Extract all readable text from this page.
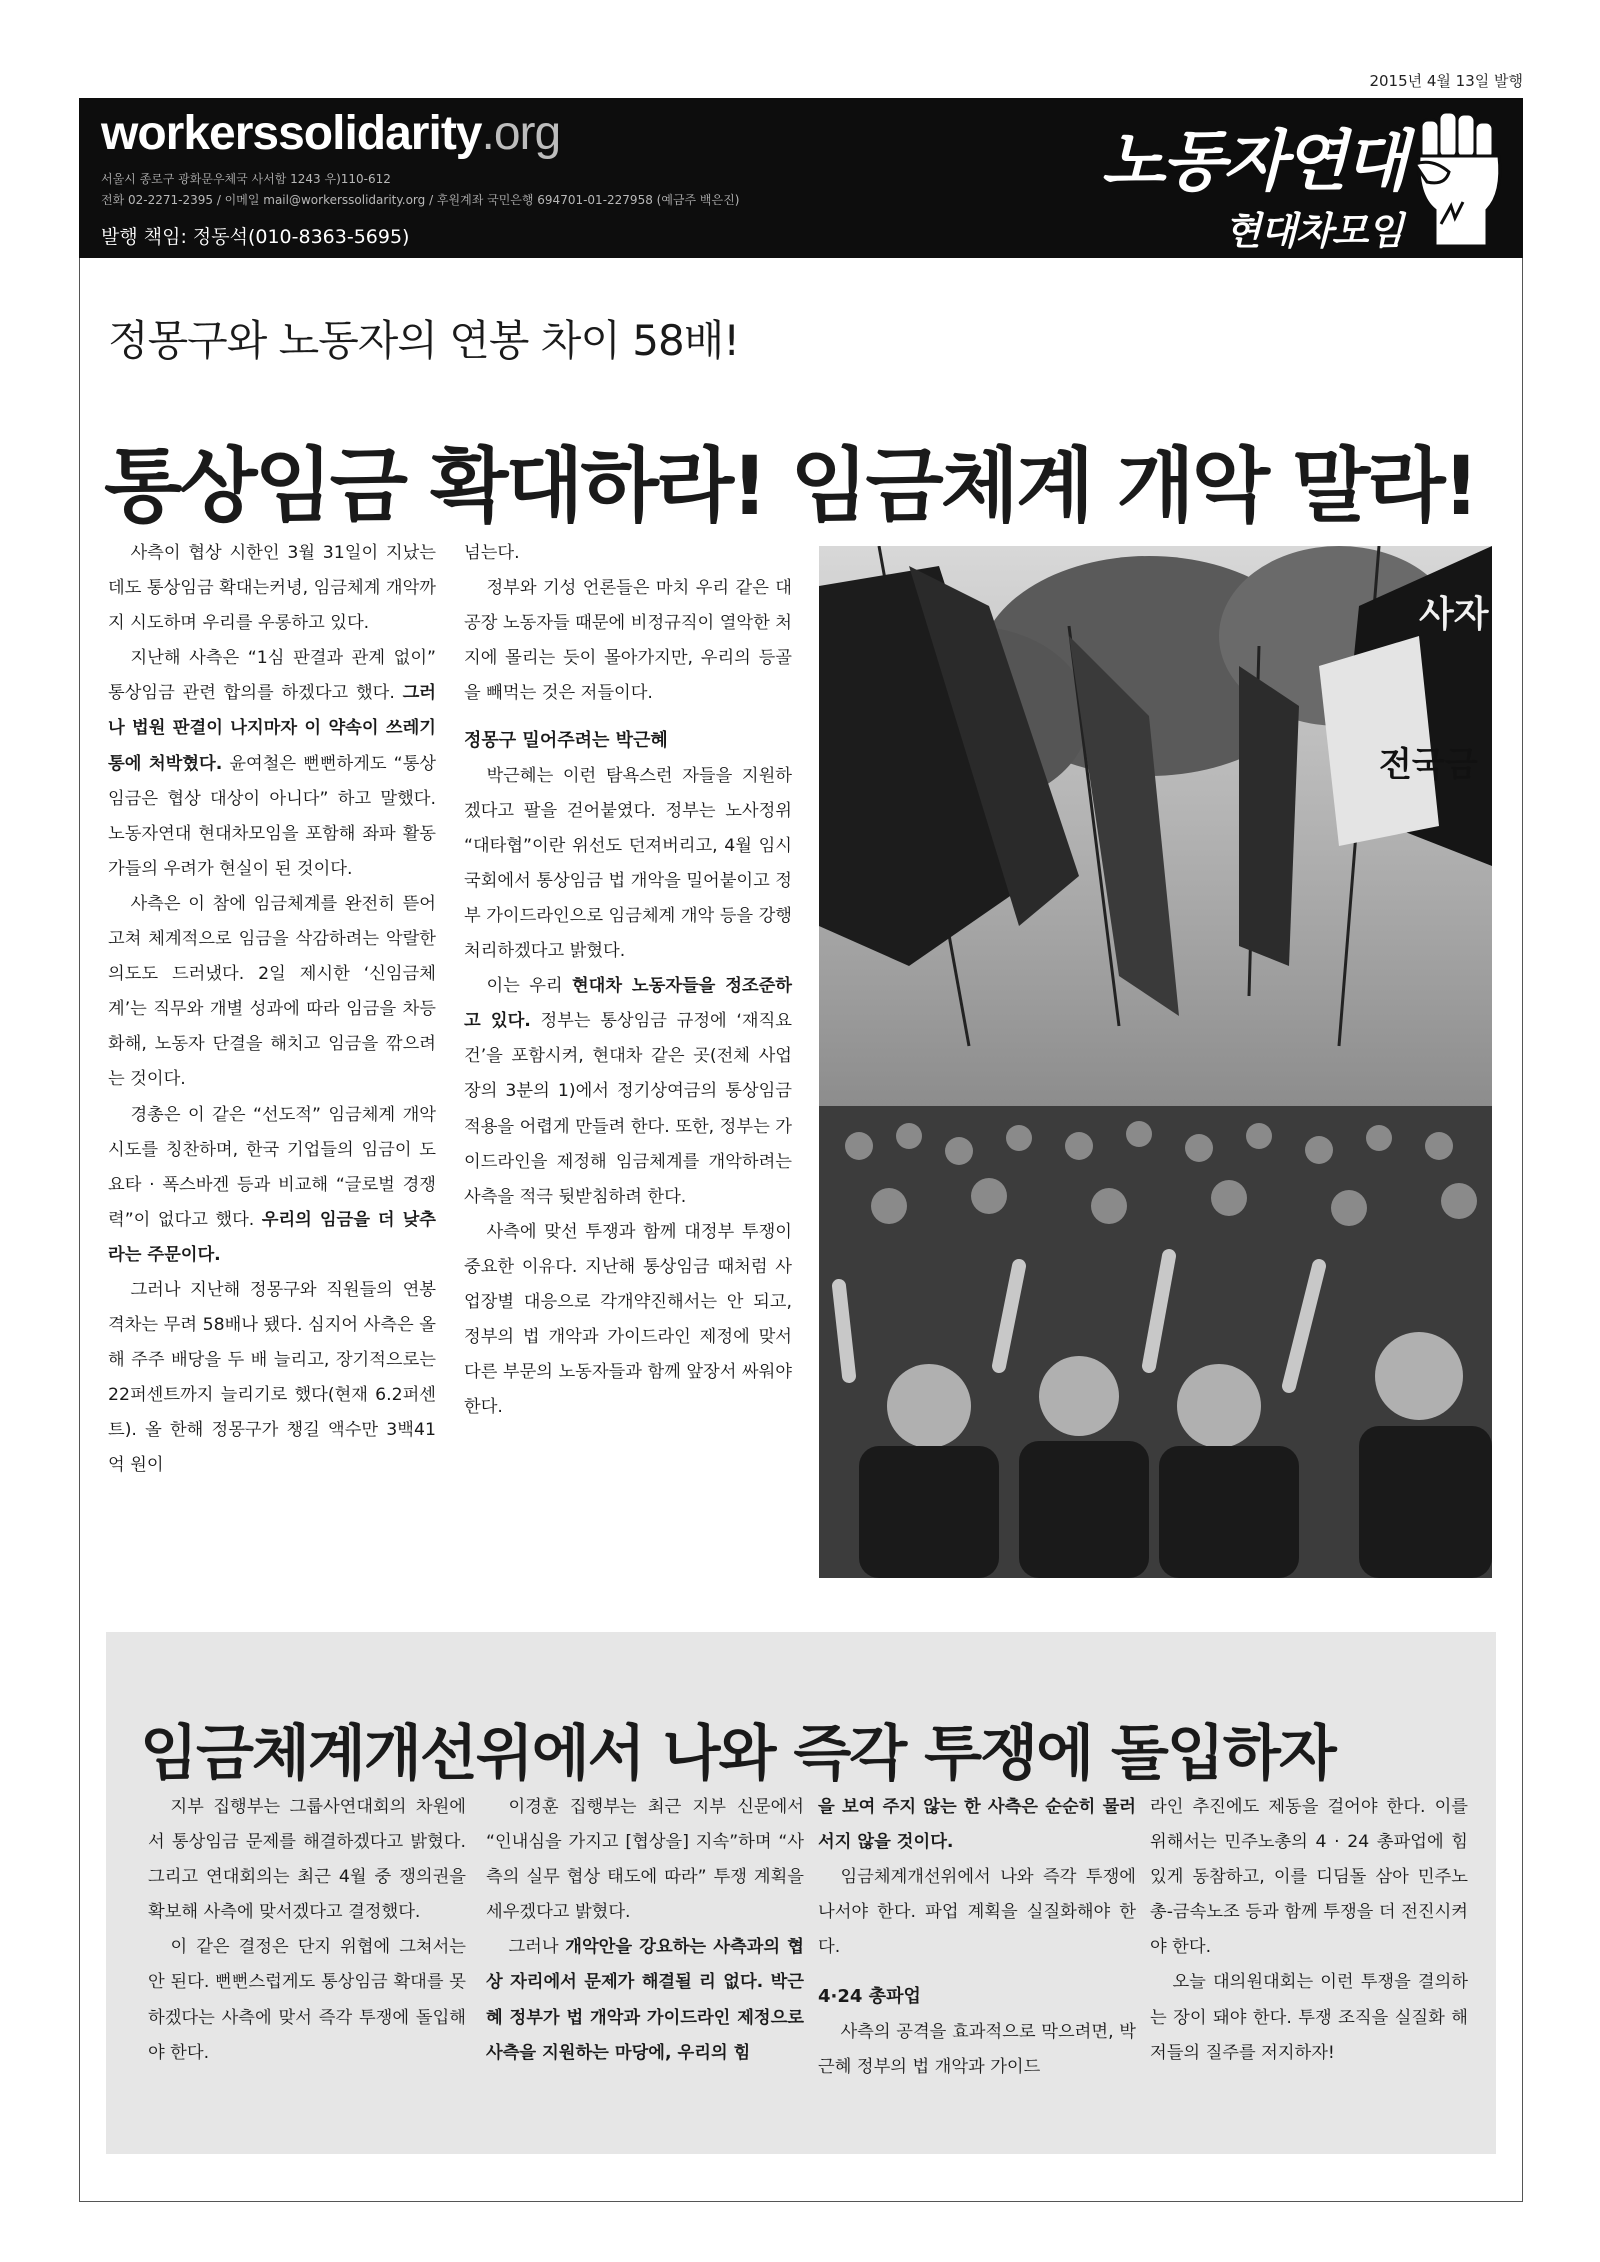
2015년 4월 13일 발행
workerssolidarity.org
서울시 종로구 광화문우체국 사서함 1243 우)110-612
전화 02-2271-2395 / 이메일 mail@workerssolidarity.org / 후원계좌 국민은행 694701-01-227958 (예금주 백은진)
발행 책임: 정동석(010-8363-5695)
노동자연대
현대차모임
정몽구와 노동자의 연봉 차이 58배!
통상임금 확대하라! 임금체계 개악 말라!

사측이 협상 시한인 3월 31일이 지났는데도 통상임금 확대는커녕, 임금체계 개악까지 시도하며 우리를 우롱하고 있다.

지난해 사측은 “1심 판결과 관계 없이” 통상임금 관련 합의를 하겠다고 했다. 그러나 법원 판결이 나지마자 이 약속이 쓰레기통에 처박혔다. 윤여철은 뻔뻔하게도 “통상임금은 협상 대상이 아니다” 하고 말했다. 노동자연대 현대차모임을 포함해 좌파 활동가들의 우려가 현실이 된 것이다.

사측은 이 참에 임금체계를 완전히 뜯어고쳐 체계적으로 임금을 삭감하려는 악랄한 의도도 드러냈다. 2일 제시한 ‘신임금체계’는 직무와 개별 성과에 따라 임금을 차등화해, 노동자 단결을 해치고 임금을 깎으려는 것이다.

경총은 이 같은 “선도적” 임금체계 개악 시도를 칭찬하며, 한국 기업들의 임금이 도요타 · 폭스바겐 등과 비교해 “글로벌 경쟁력”이 없다고 했다. 우리의 임금을 더 낮추라는 주문이다.

그러나 지난해 정몽구와 직원들의 연봉 격차는 무려 58배나 됐다. 심지어 사측은 올해 주주 배당을 두 배 늘리고, 장기적으로는 22퍼센트까지 늘리기로 했다(현재 6.2퍼센트). 올 한해 정몽구가 챙길 액수만 3백41억 원이

넘는다.

정부와 기성 언론들은 마치 우리 같은 대공장 노동자들 때문에 비정규직이 열악한 처지에 몰리는 듯이 몰아가지만, 우리의 등골을 빼먹는 것은 저들이다.

정몽구 밀어주려는 박근혜

박근혜는 이런 탐욕스런 자들을 지원하겠다고 팔을 걷어붙였다. 정부는 노사정위 “대타협”이란 위선도 던져버리고, 4월 임시국회에서 통상임금 법 개악을 밀어붙이고 정부 가이드라인으로 임금체계 개악 등을 강행 처리하겠다고 밝혔다.

이는 우리 현대차 노동자들을 정조준하고 있다. 정부는 통상임금 규정에 ‘재직요건’을 포함시켜, 현대차 같은 곳(전체 사업장의 3분의 1)에서 정기상여금의 통상임금 적용을 어렵게 만들려 한다. 또한, 정부는 가이드라인을 제정해 임금체계를 개악하려는 사측을 적극 뒷받침하려 한다.

사측에 맞선 투쟁과 함께 대정부 투쟁이 중요한 이유다. 지난해 통상임금 때처럼 사업장별 대응으로 각개약진해서는 안 되고, 정부의 법 개악과 가이드라인 제정에 맞서 다른 부문의 노동자들과 함께 앞장서 싸워야 한다.

전국금
사자
임금체계개선위에서 나와 즉각 투쟁에 돌입하자

지부 집행부는 그룹사연대회의 차원에서 통상임금 문제를 해결하겠다고 밝혔다. 그리고 연대회의는 최근 4월 중 쟁의권을 확보해 사측에 맞서겠다고 결정했다.

이 같은 결정은 단지 위협에 그쳐서는 안 된다. 뻔뻔스럽게도 통상임금 확대를 못하겠다는 사측에 맞서 즉각 투쟁에 돌입해야 한다.

이경훈 집행부는 최근 지부 신문에서 “인내심을 가지고 [협상을] 지속”하며 “사측의 실무 협상 태도에 따라” 투쟁 계획을 세우겠다고 밝혔다.

그러나 개악안을 강요하는 사측과의 협상 자리에서 문제가 해결될 리 없다. 박근혜 정부가 법 개악과 가이드라인 제정으로 사측을 지원하는 마당에, 우리의 힘

을 보여 주지 않는 한 사측은 순순히 물러서지 않을 것이다.

임금체계개선위에서 나와 즉각 투쟁에 나서야 한다. 파업 계획을 실질화해야 한다.

4·24 총파업

사측의 공격을 효과적으로 막으려면, 박근혜 정부의 법 개악과 가이드

라인 추진에도 제동을 걸어야 한다. 이를 위해서는 민주노총의 4 · 24 총파업에 힘있게 동참하고, 이를 디딤돌 삼아 민주노총-금속노조 등과 함께 투쟁을 더 전진시켜야 한다.

오늘 대의원대회는 이런 투쟁을 결의하는 장이 돼야 한다. 투쟁 조직을 실질화 해 저들의 질주를 저지하자!
